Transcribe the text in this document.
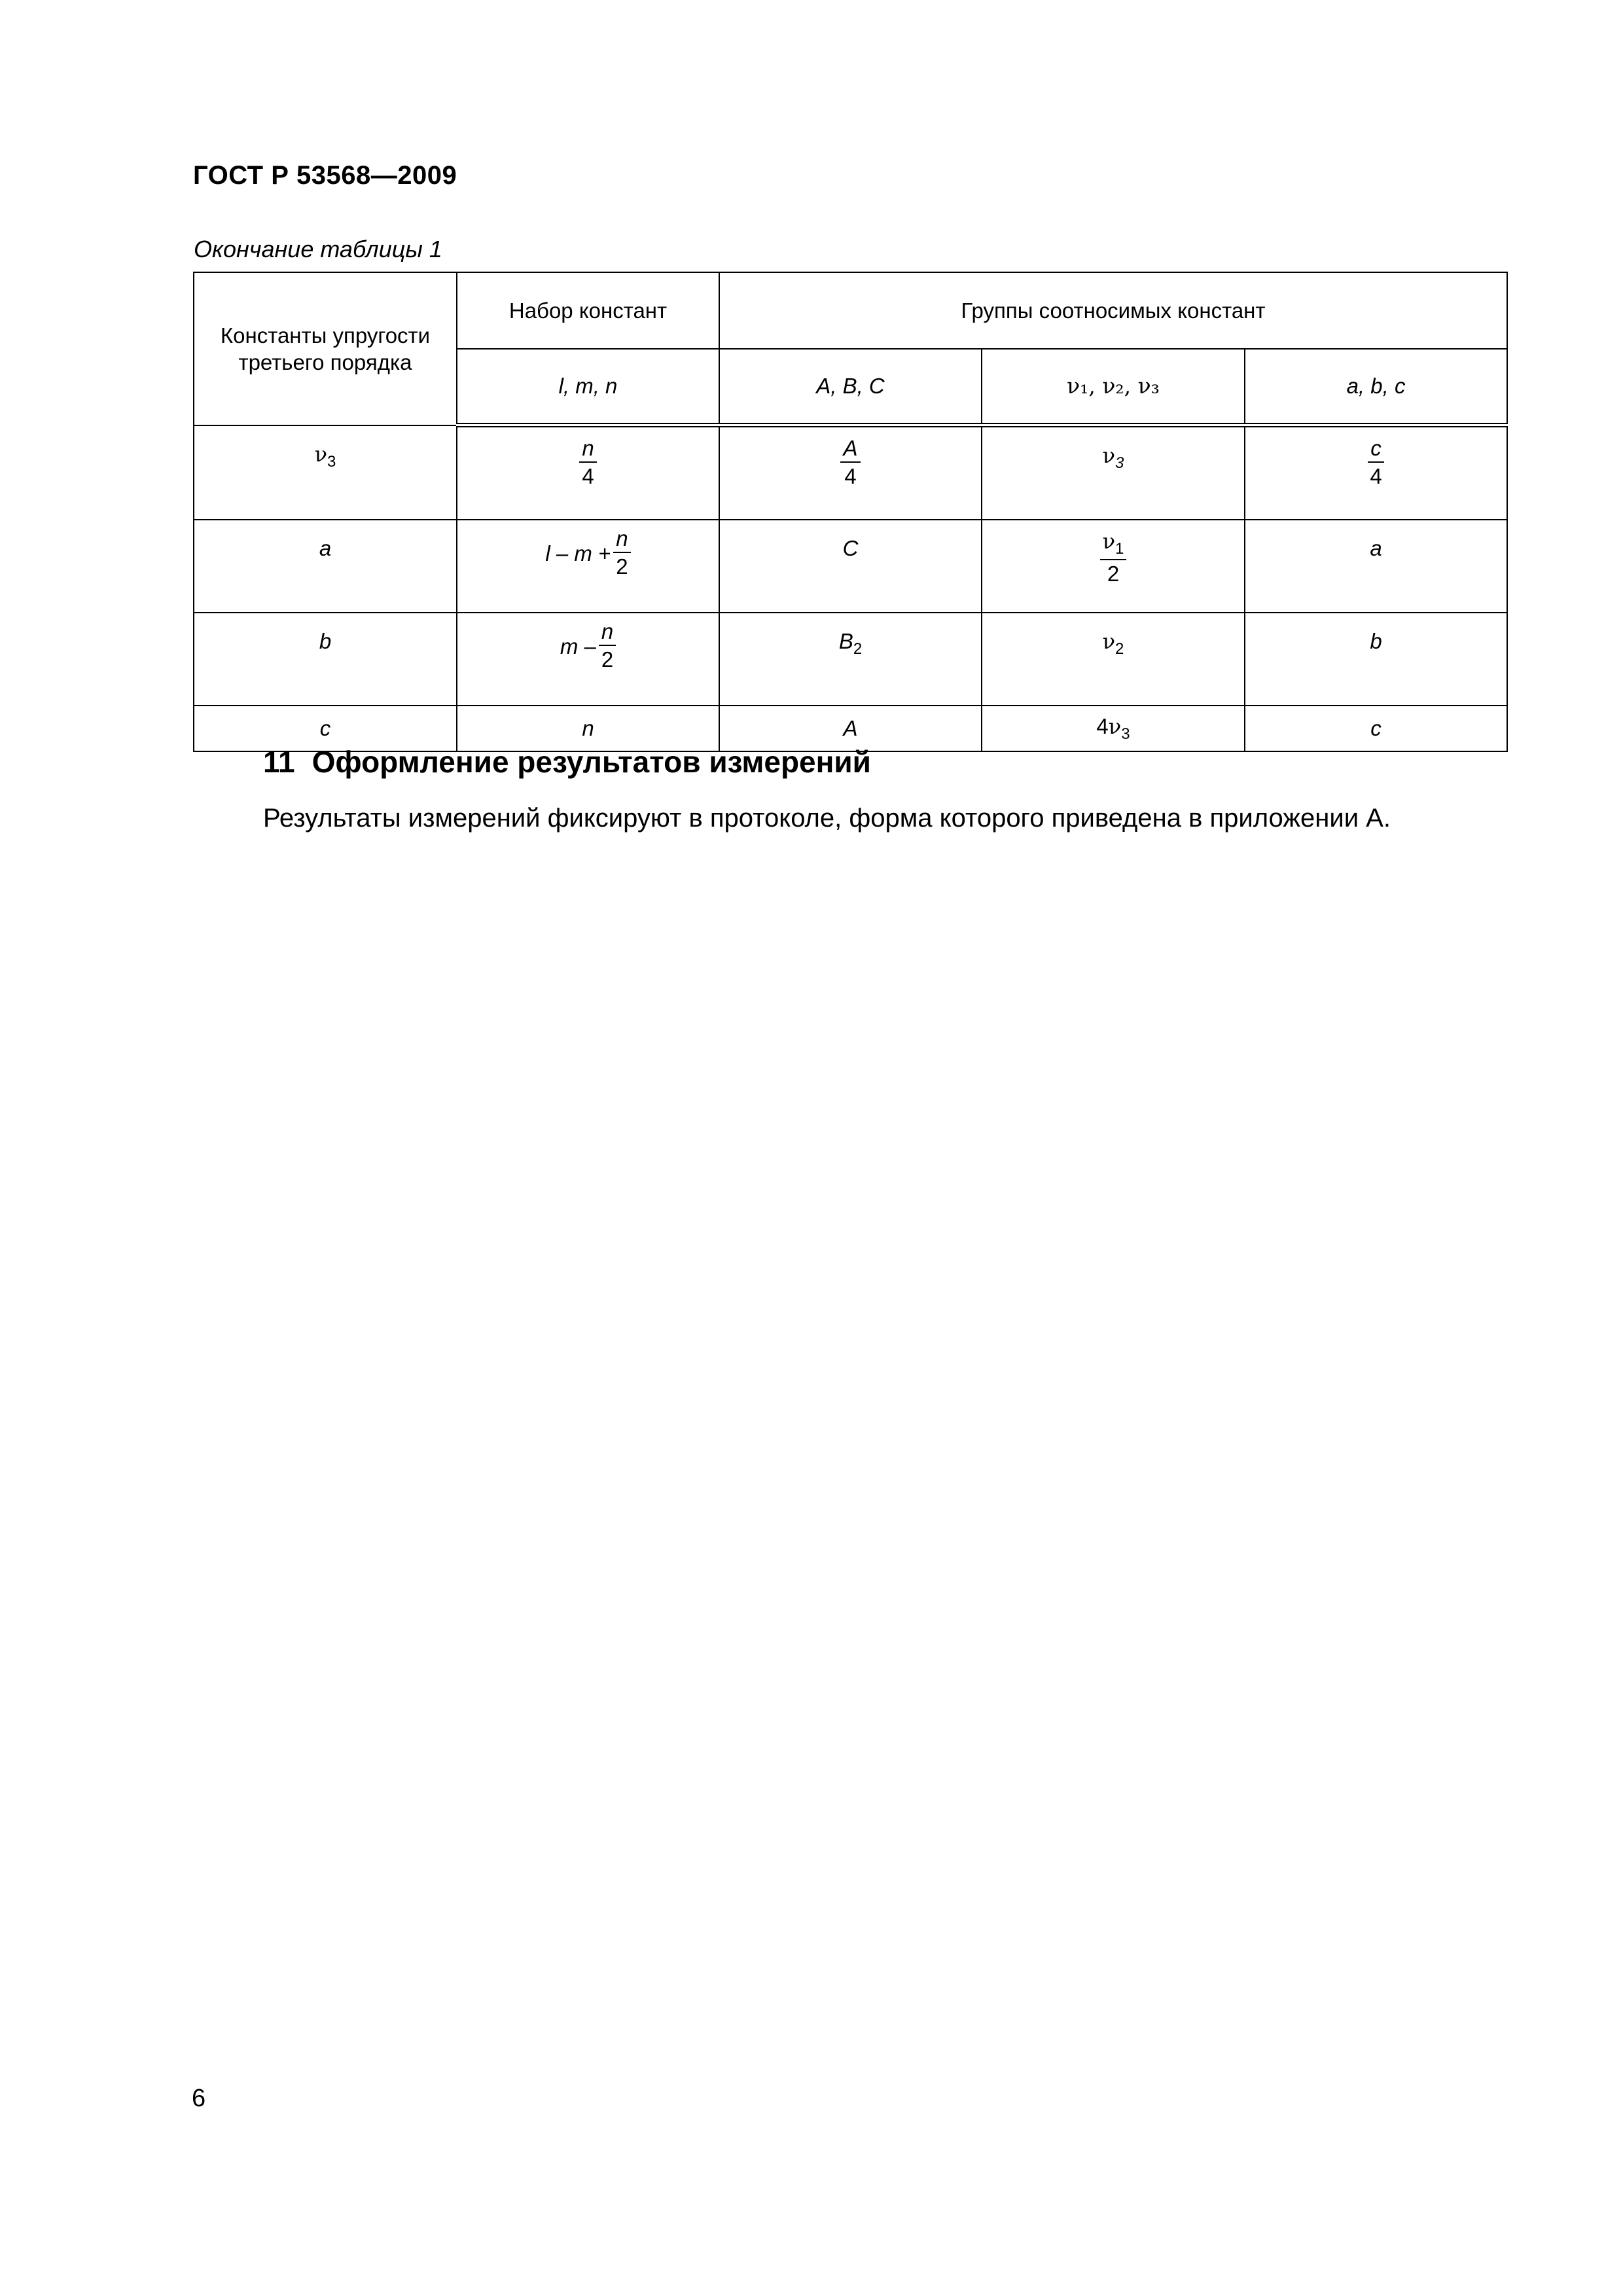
ГОСТ Р 53568—2009
Окончание таблицы 1
Константы упругости третьего порядка	Набор констант	Группы соотносимых констант		
	l, m, n	A, B, C	ν₁, ν₂, ν₃	a, b, c
$\nu_3$	$\frac{n}{4}$	$\frac{A}{4}$	$\nu_3$	$\frac{c}{4}$

a	$l - m + \frac{n}{2}$	C	$\frac{\nu_1}{2}$	a
b	m – $\frac{n}{2}$	$B_2$	$\nu_2$	b
c	n	A	$4\nu_3$	c
11 Оформление результатов измерений
Результаты измерений фиксируют в протоколе, форма которого приведена в приложении А.
6
